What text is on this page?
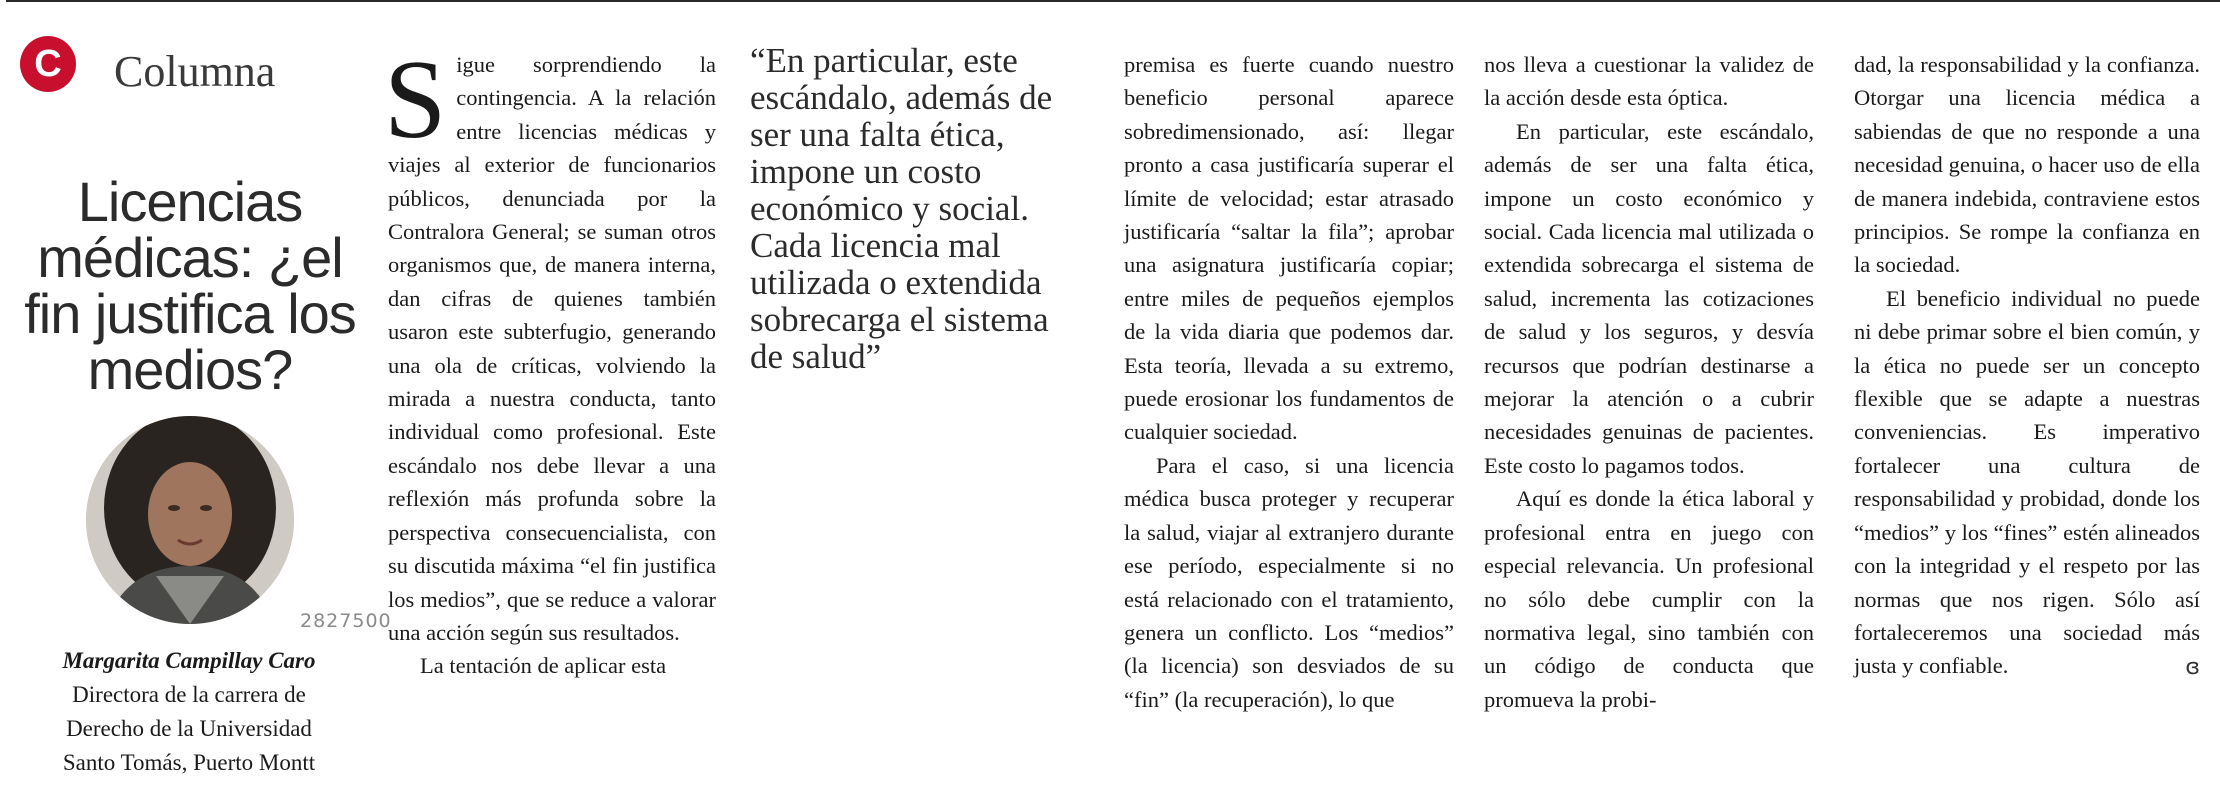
C	Columna
Licencias médicas: ¿el fin justifica los medios?
2827500
Margarita Campillay Caro
Directora de la carrera de
Derecho de la Universidad
Santo Tomás, Puerto Montt

Sigue sorprendiendo la contingencia. A la relación entre licencias médicas y viajes al exterior de funcionarios públicos, denunciada por la Contralora General; se suman otros organismos que, de manera interna, dan cifras de quienes también usaron este subterfugio, generando una ola de críticas, volviendo la mirada a nuestra conducta, tanto individual como profesional. Este escándalo nos debe llevar a una reflexión más profunda sobre la perspectiva consecuencialista, con su discutida máxima “el fin justifica los medios”, que se reduce a valorar una acción según sus resultados.

La tentación de aplicar esta

“En particular, este escándalo, además de ser una falta ética, impone un costo económico y social. Cada licencia mal utilizada o extendida sobrecarga el sistema de salud”

premisa es fuerte cuando nuestro beneficio personal aparece sobredimensionado, así: llegar pronto a casa justificaría superar el límite de velocidad; estar atrasado justificaría “saltar la fila”; aprobar una asignatura justificaría copiar; entre miles de pequeños ejemplos de la vida diaria que podemos dar. Esta teoría, llevada a su extremo, puede erosionar los fundamentos de cualquier sociedad.

Para el caso, si una licencia médica busca proteger y recuperar la salud, viajar al extranjero durante ese período, especialmente si no está relacionado con el tratamiento, genera un conflicto. Los “medios” (la licencia) son desviados de su “fin” (la recuperación), lo que

nos lleva a cuestionar la validez de la acción desde esta óptica.

En particular, este escándalo, además de ser una falta ética, impone un costo económico y social. Cada licencia mal utilizada o extendida sobrecarga el sistema de salud, incrementa las cotizaciones de salud y los seguros, y desvía recursos que podrían destinarse a mejorar la atención o a cubrir necesidades genuinas de pacientes. Este costo lo pagamos todos.

Aquí es donde la ética laboral y profesional entra en juego con especial relevancia. Un profesional no sólo debe cumplir con la normativa legal, sino también con un código de conducta que promueva la probi-

dad, la responsabilidad y la confianza. Otorgar una licencia médica a sabiendas de que no responde a una necesidad genuina, o hacer uso de ella de manera indebida, contraviene estos principios. Se rompe la confianza en la sociedad.

El beneficio individual no puede ni debe primar sobre el bien común, y la ética no puede ser un concepto flexible que se adapte a nuestras conveniencias. Es imperativo fortalecer una cultura de responsabilidad y probidad, donde los “medios” y los “fines” estén alineados con la integridad y el respeto por las normas que nos rigen. Sólo así fortaleceremos una sociedad más justa y confiable.	ɞ
